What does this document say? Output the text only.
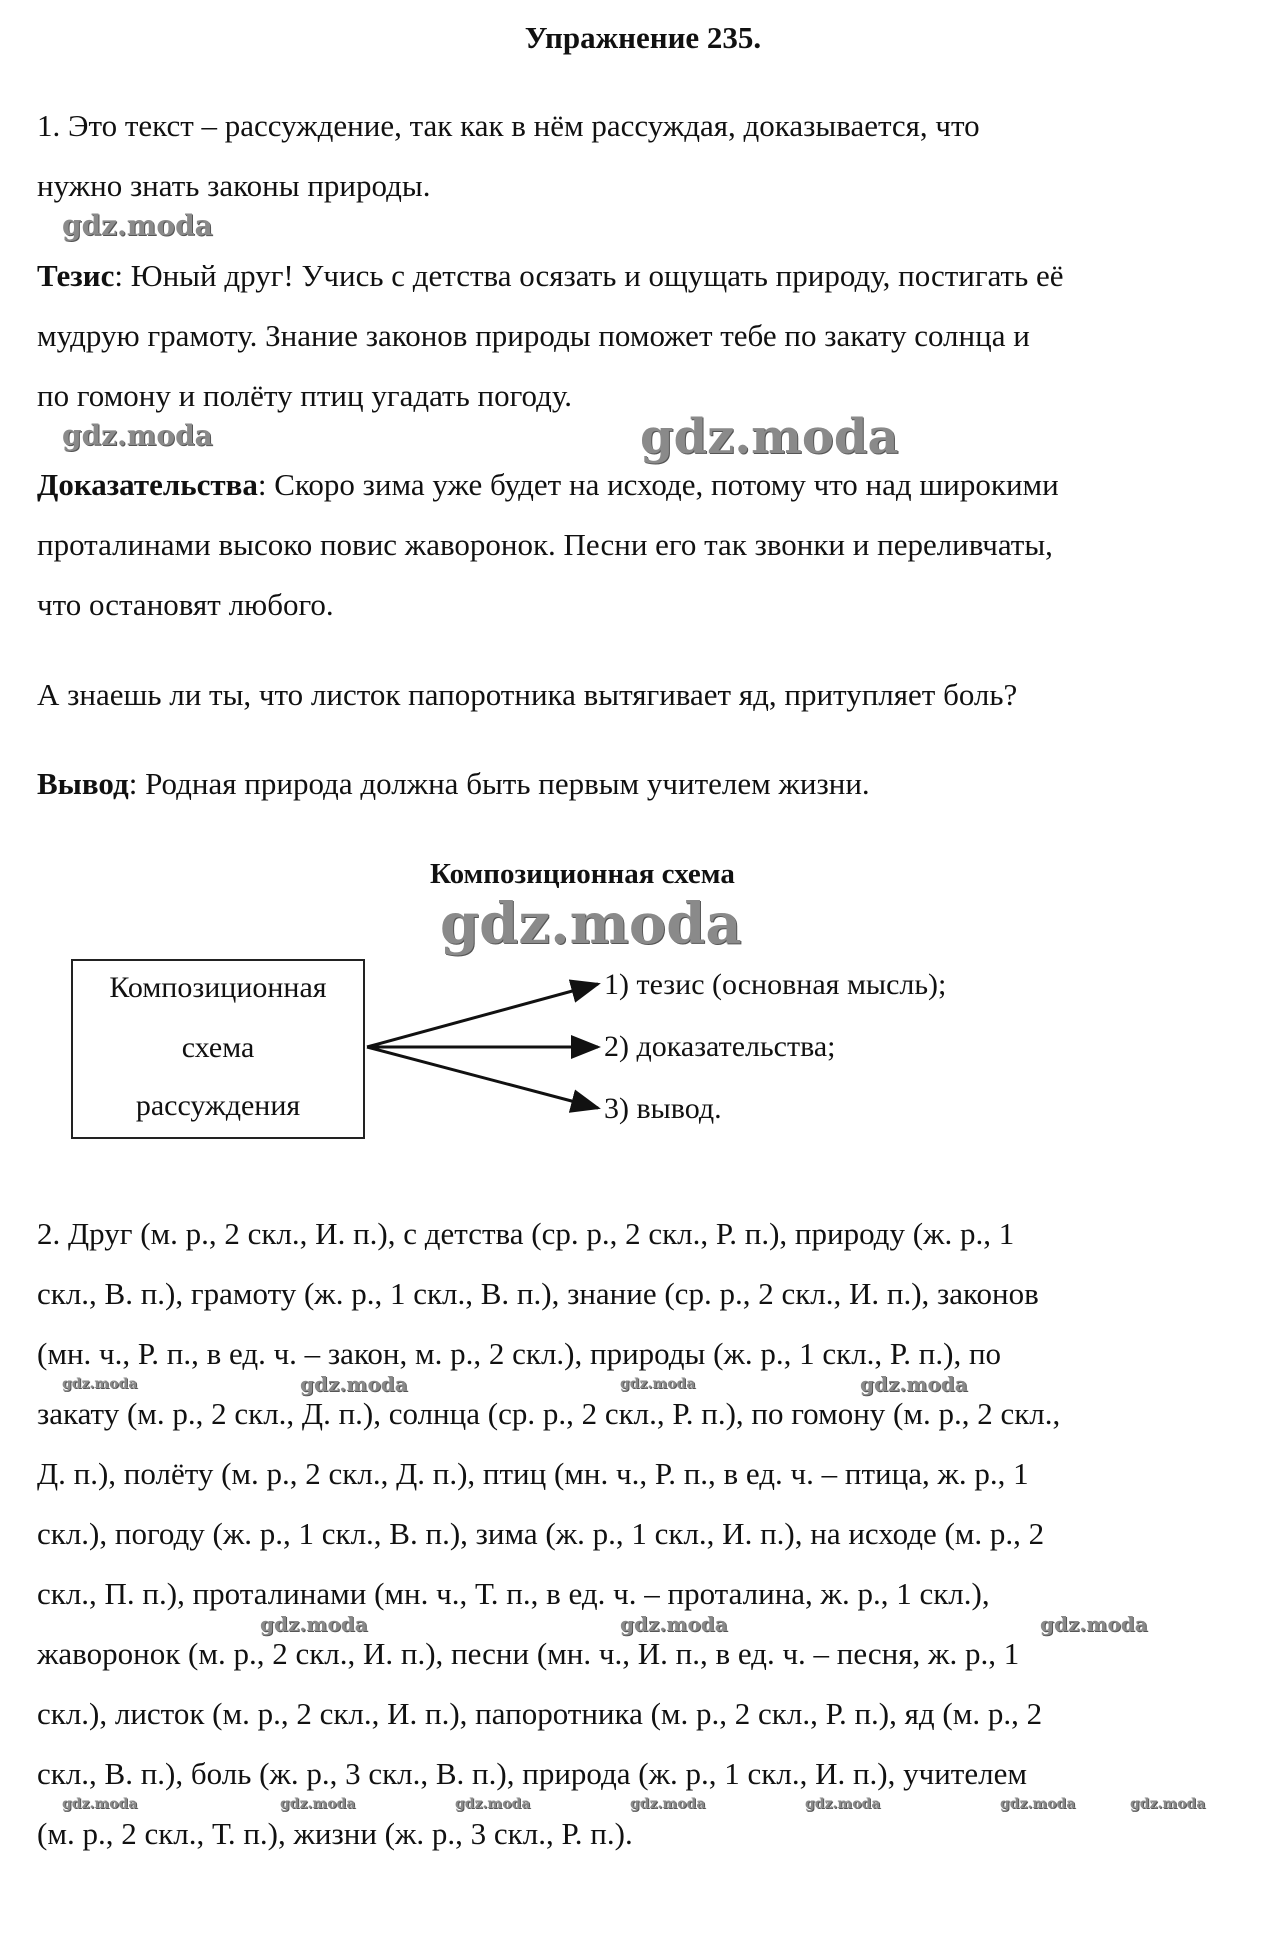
Упражнение 235.
1. Это текст – рассуждение, так как в нём рассуждая, доказывается, что
нужно знать законы природы.
Тезис: Юный друг! Учись с детства осязать и ощущать природу, постигать её
мудрую грамоту. Знание законов природы поможет тебе по закату солнца и
по гомону и полёту птиц угадать погоду.
Доказательства: Скоро зима уже будет на исходе, потому что над широкими
проталинами высоко повис жаворонок. Песни его так звонки и переливчаты,
что остановят любого.
А знаешь ли ты, что листок папоротника вытягивает яд, притупляет боль?
Вывод: Родная природа должна быть первым учителем жизни.
Композиционная схема
Композиционная
схема
рассуждения
1) тезис (основная мысль);
2) доказательства;
3) вывод.
2. Друг (м. р., 2 скл., И. п.), с детства (ср. р., 2 скл., Р. п.), природу (ж. р., 1
скл., В. п.), грамоту (ж. р., 1 скл., В. п.), знание (ср. р., 2 скл., И. п.), законов
(мн. ч., Р. п., в ед. ч. – закон, м. р., 2 скл.), природы (ж. р., 1 скл., Р. п.), по
закату (м. р., 2 скл., Д. п.), солнца (ср. р., 2 скл., Р. п.), по гомону (м. р., 2 скл.,
Д. п.), полёту (м. р., 2 скл., Д. п.), птиц (мн. ч., Р. п., в ед. ч. – птица, ж. р., 1
скл.), погоду (ж. р., 1 скл., В. п.), зима (ж. р., 1 скл., И. п.), на исходе (м. р., 2
скл., П. п.), проталинами (мн. ч., Т. п., в ед. ч. – проталина, ж. р., 1 скл.),
жаворонок (м. р., 2 скл., И. п.), песни (мн. ч., И. п., в ед. ч. – песня, ж. р., 1
скл.), листок (м. р., 2 скл., И. п.), папоротника (м. р., 2 скл., Р. п.), яд (м. р., 2
скл., В. п.), боль (ж. р., 3 скл., В. п.), природа (ж. р., 1 скл., И. п.), учителем
(м. р., 2 скл., Т. п.), жизни (ж. р., 3 скл., Р. п.).
gdz.moda
gdz.moda	gdz.moda
gdz.moda
gdz.moda	gdz.moda	gdz.moda	gdz.moda
gdz.moda	gdz.moda	gdz.moda
gdz.moda	gdz.moda	gdz.moda	gdz.moda	gdz.moda	gdz.moda	gdz.moda
